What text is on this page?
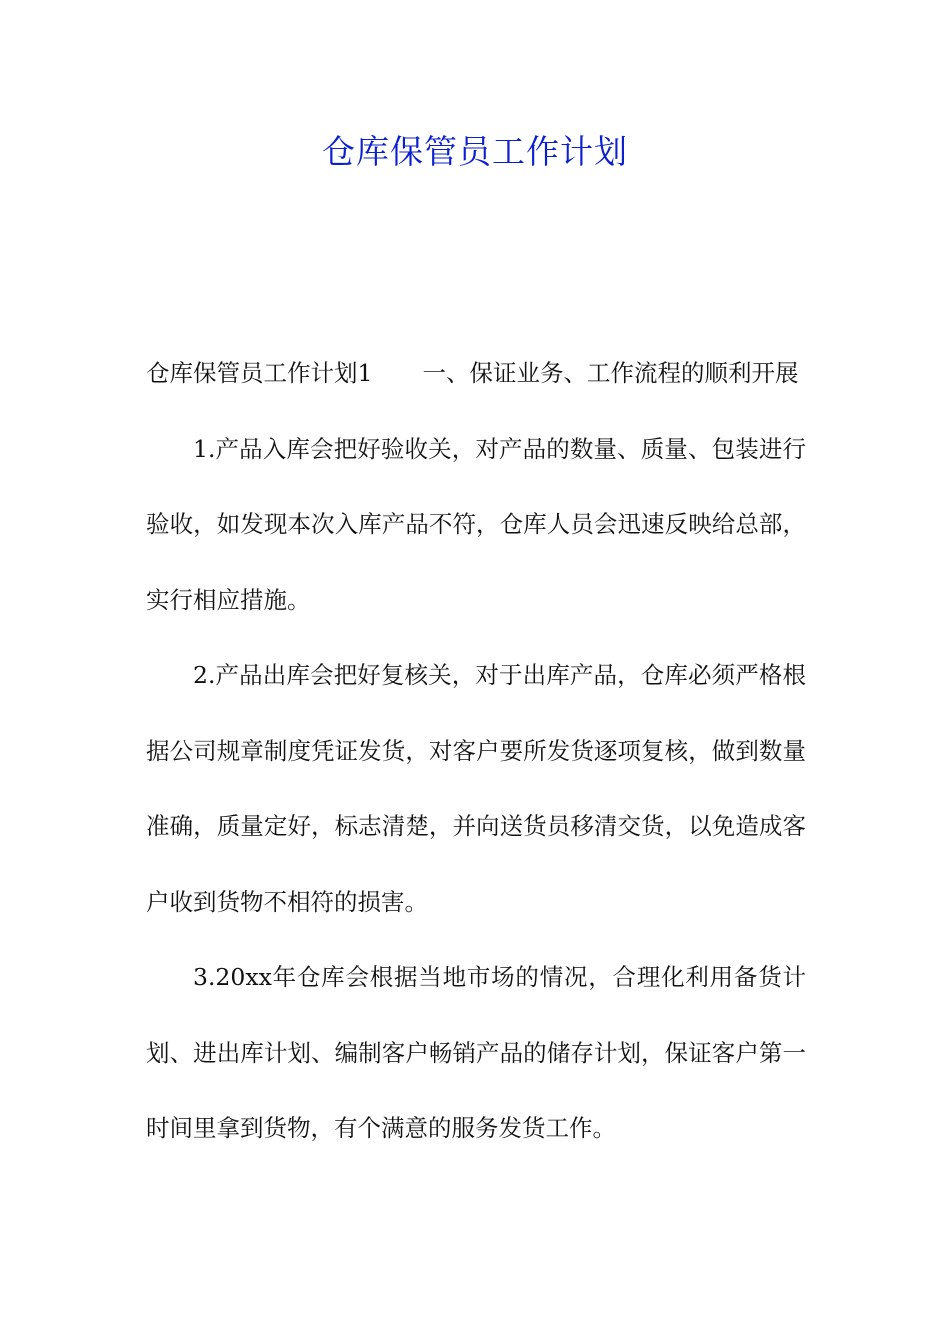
仓库保管员工作计划

仓库保管员工作计划1 一、保证业务、工作流程的顺利开展

1.产品入库会把好验收关，对产品的数量、质量、包装进行验收，如发现本次入库产品不符，仓库人员会迅速反映给总部，实行相应措施。

2.产品出库会把好复核关，对于出库产品，仓库必须严格根据公司规章制度凭证发货，对客户要所发货逐项复核，做到数量准确，质量定好，标志清楚，并向送货员移清交货，以免造成客户收到货物不相符的损害。

3.20xx年仓库会根据当地市场的情况，合理化利用备货计划、进出库计划、编制客户畅销产品的储存计划，保证客户第一时间里拿到货物，有个满意的服务发货工作。
